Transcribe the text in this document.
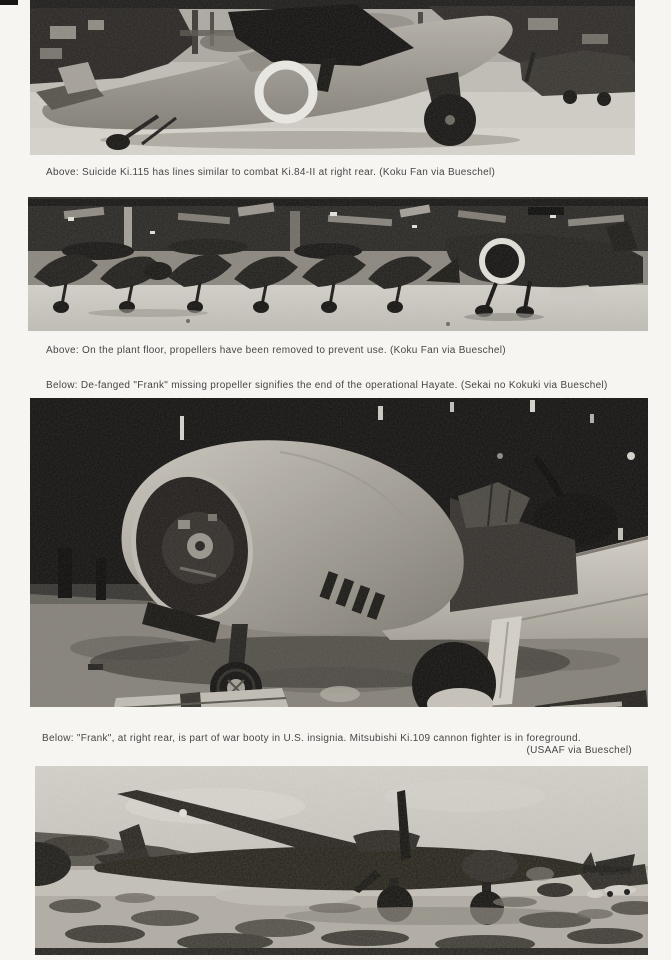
Above: Suicide Ki.115 has lines similar to combat Ki.84-II at right rear. (Koku Fan via Bueschel)

Above: On the plant floor, propellers have been removed to prevent use. (Koku Fan via Bueschel)

Below: De-fanged "Frank" missing propeller signifies the end of the operational Hayate. (Sekai no Kokuki via Bueschel)

Below: "Frank", at right rear, is part of war booty in U.S. insignia. Mitsubishi Ki.109 cannon fighter is in foreground.
(USAAF via Bueschel)
